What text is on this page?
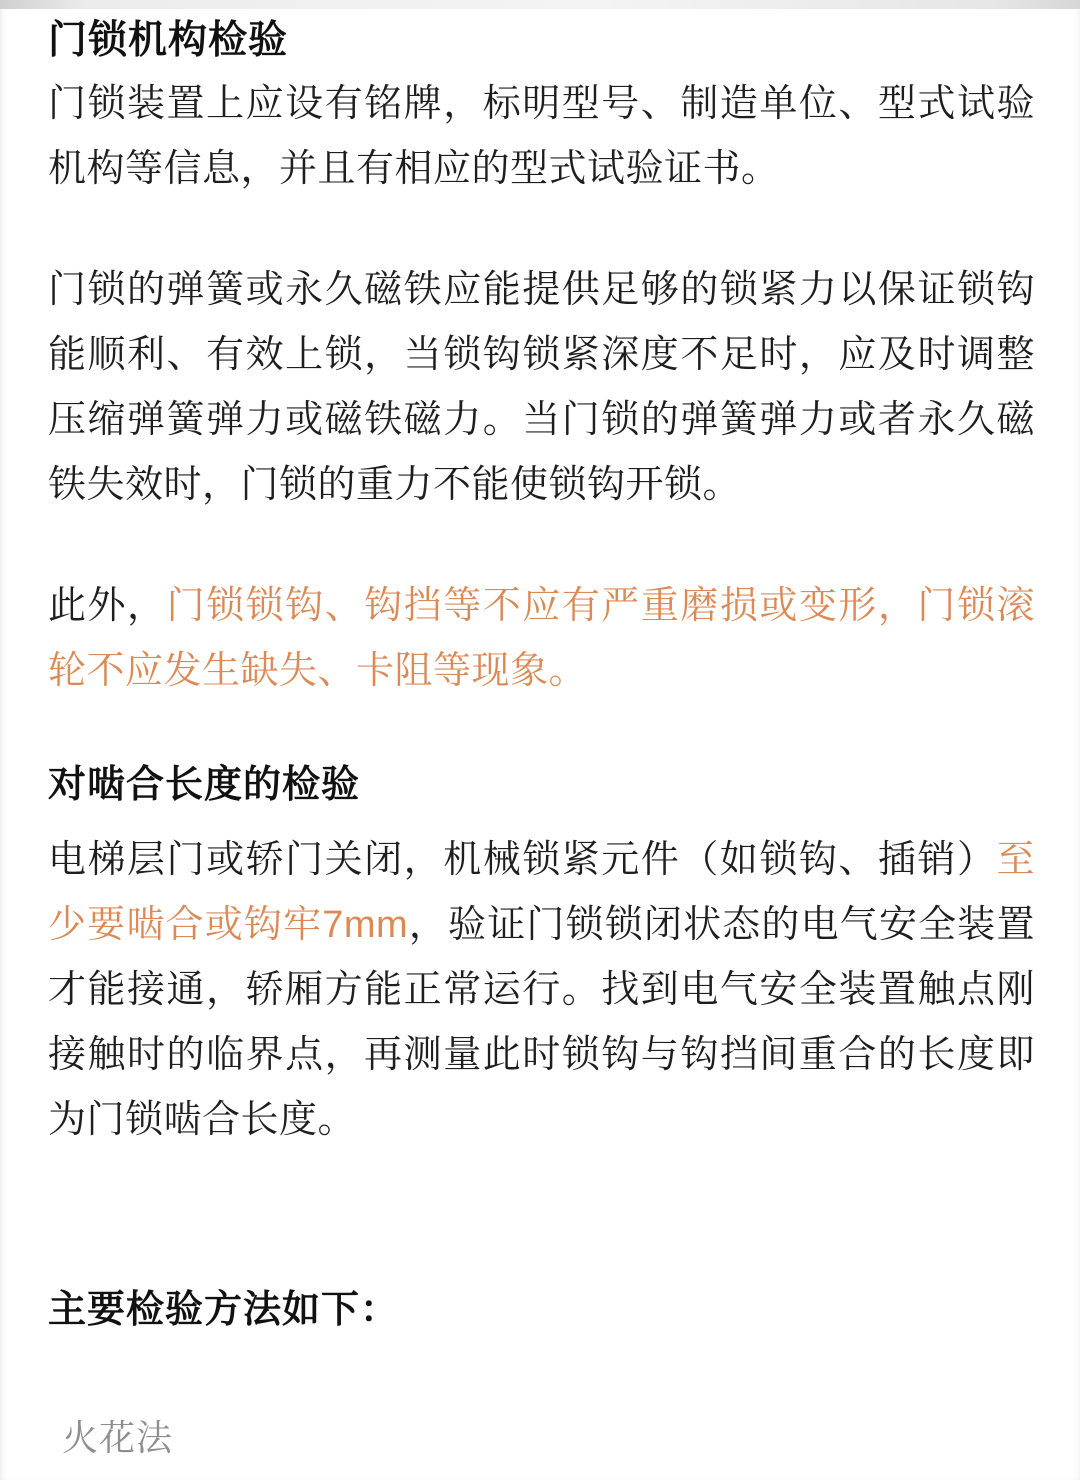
门锁机构检验

门锁装置上应设有铭牌，标明型号、制造单位、型式试验机构等信息，并且有相应的型式试验证书。

门锁的弹簧或永久磁铁应能提供足够的锁紧力以保证锁钩能顺利、有效上锁，当锁钩锁紧深度不足时，应及时调整压缩弹簧弹力或磁铁磁力。当门锁的弹簧弹力或者永久磁铁失效时，门锁的重力不能使锁钩开锁。

此外，门锁锁钩、钩挡等不应有严重磨损或变形，门锁滚轮不应发生缺失、卡阻等现象。

对啮合长度的检验

电梯层门或轿门关闭，机械锁紧元件（如锁钩、插销）至少要啮合或钩牢7mm，验证门锁锁闭状态的电气安全装置才能接通，轿厢方能正常运行。找到电气安全装置触点刚接触时的临界点，再测量此时锁钩与钩挡间重合的长度即为门锁啮合长度。

主要检验方法如下：

火花法
